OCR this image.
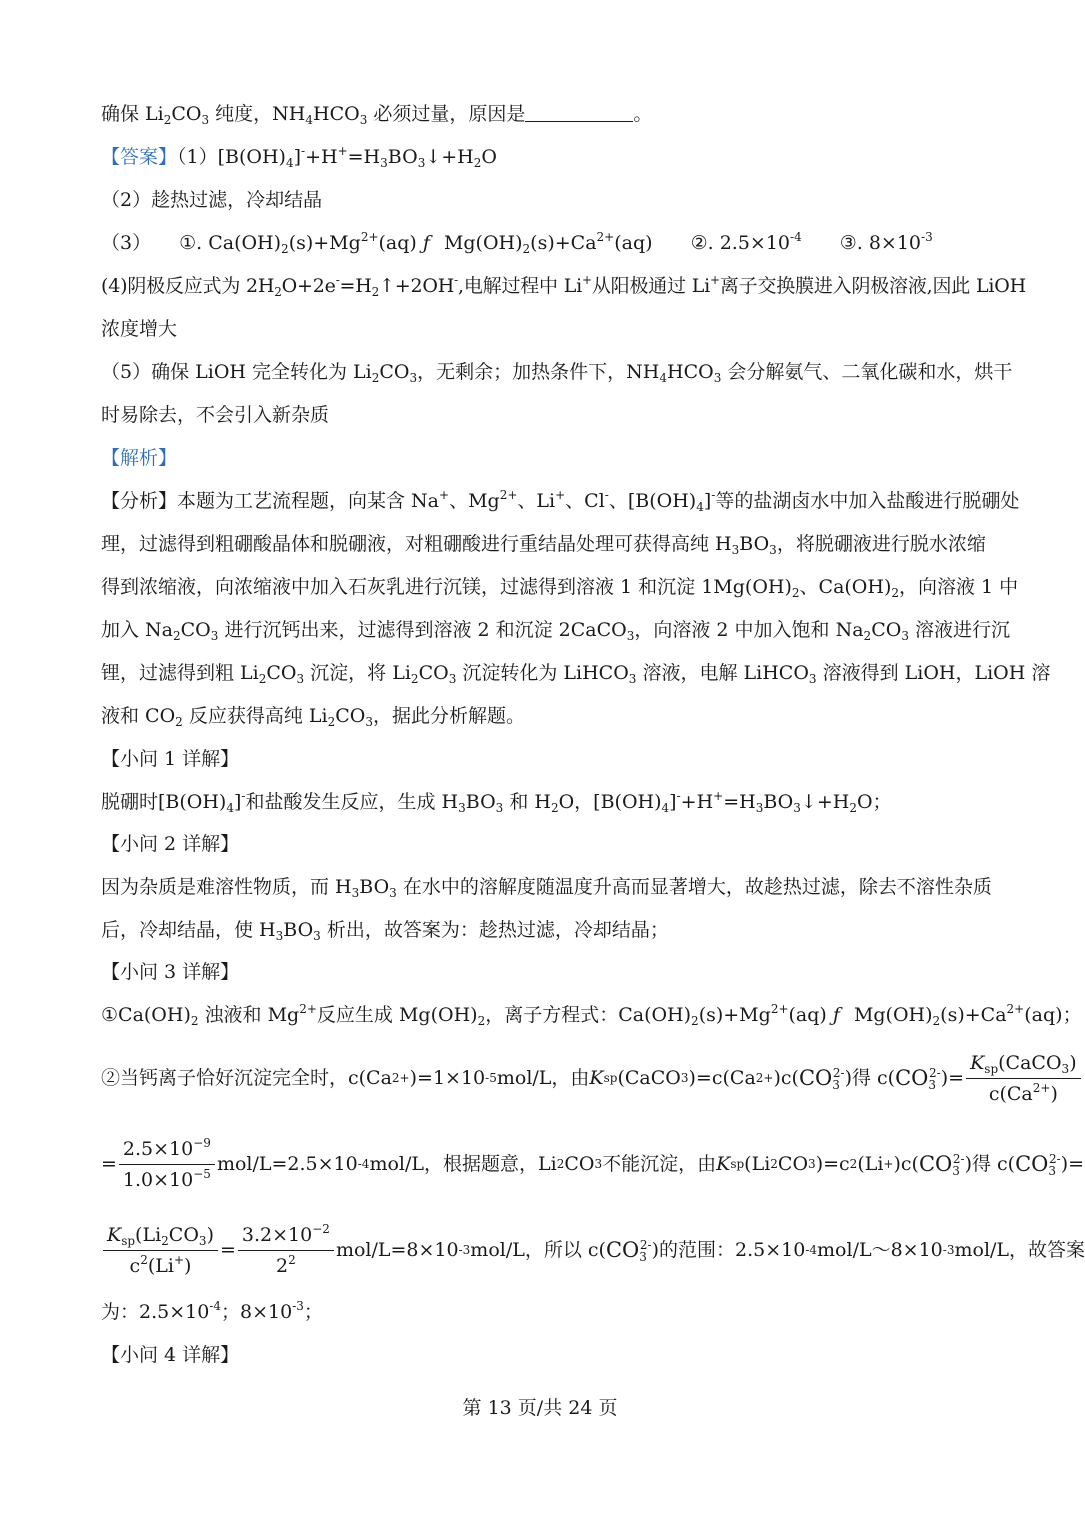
确保 $Li_2CO_3$ 纯度，$NH_4HCO_3$ 必须过量，原因是	。
【答案】$(1)[B(OH)_4]^-+H^+=H_3BO_3↓+H_2O$
（2）趁热过滤，冷却结晶
（3） ①. $Ca(OH)_2(s)+Mg^{2+}(aq)$ ƒ $Mg(OH)_2(s)+Ca^{2+}(aq)$ ②. $2.5\times 10^{-4}$ ③. $8\times 10^{-3}$
(4)阴极反应式为 $2H_2O+2e^-=H_2↑+2OH^-$,电解过程中 Li+从阳极通过 Li+离子交换膜进入阴极溶液,因此 LiOH
浓度增大
（5）确保 LiOH 完全转化为 $Li_2CO_3$，无剩余；加热条件下，$NH_4HCO_3$ 会分解氨气、二氧化碳和水，烘干
时易除去，不会引入新杂质
【解析】
【分析】本题为工艺流程题，向某含 Na+、$Mg^{2+}$、Li+、Cl-、$[B(OH)_4]^-$等的盐湖卤水中加入盐酸进行脱硼处
理，过滤得到粗硼酸晶体和脱硼液，对粗硼酸进行重结晶处理可获得高纯 $H_3BO_3$，将脱硼液进行脱水浓缩
得到浓缩液，向浓缩液中加入石灰乳进行沉镁，过滤得到溶液 1 和沉淀 $1Mg(OH)_2$、$Ca(OH)_2$，向溶液 1 中
加入 $Na_2CO_3$ 进行沉钙出来，过滤得到溶液 2 和沉淀 2CaCO$_3$，向溶液 2 中加入饱和 $Na_2CO_3$ 溶液进行沉
锂，过滤得到粗 $Li_2CO_3$ 沉淀，将 $Li_2CO_3$ 沉淀转化为 LiHCO$_3$ 溶液，电解 LiHCO$_3$ 溶液得到 LiOH，LiOH 溶
液和 $CO_2$ 反应获得高纯 $Li_2CO_3$，据此分析解题。
【小问 1 详解】
脱硼时$[B(OH)_4]^-$和盐酸发生反应，生成 $H_3BO_3$ 和 $H_2O$，$[B(OH)_4]^-+H^+=H_3BO_3↓+H_2O$；
【小问 2 详解】
因为杂质是难溶性物质，而 $H_3BO_3$ 在水中的溶解度随温度升高而显著增大，故趁热过滤，除去不溶性杂质
后，冷却结晶，使 $H_3BO_3$ 析出，故答案为：趁热过滤，冷却结晶；
【小问 3 详解】
$①Ca(OH)_2$ 浊液和 $Mg^{2+}$反应生成 $Mg(OH)_2$，离子方程式：$Ca(OH)_2(s)+Mg^{2+}(aq)$ ƒ $Mg(OH)_2(s)+Ca^{2+}(aq)$；
②当钙离子恰好沉淀完全时，c(Ca 2+ )=1×10 -5 mol/L，由 K sp (CaCO 3 )=c(Ca 2+ )c( $CO_3^{2-}$ )得 c( $CO_3^{2-}$ )= $\frac{K_{sp}(CaCO_3)}{c(Ca^{2+})}$
= $\frac{2.5\times 10^{-9}}{1.0\times 10^{-5}} mol/L=2.5\times 10$ -4 mol/L，根据题意，Li 2 CO 3 不能沉淀，由 K sp (Li 2 CO 3 )=c 2 (Li + )c( $CO_3^{2-}$ )得 c( $CO_3^{2-}$ )=
$\frac{K_{sp}(Li_2CO_3)}{c^2(Li^+)} = \frac{3.2\times 10^{-2}}{2^2} mol/L=8\times 10$ -3 mol/L，所以 c( $CO_3^{2-}$ )的范围：2.5×10 -4 mol/L～8×10 -3 mol/L，故答案
为：$2.5\times 10^{-4}$；$8\times 10^{-3}$；
【小问 4 详解】
第 13 页/共 24 页
